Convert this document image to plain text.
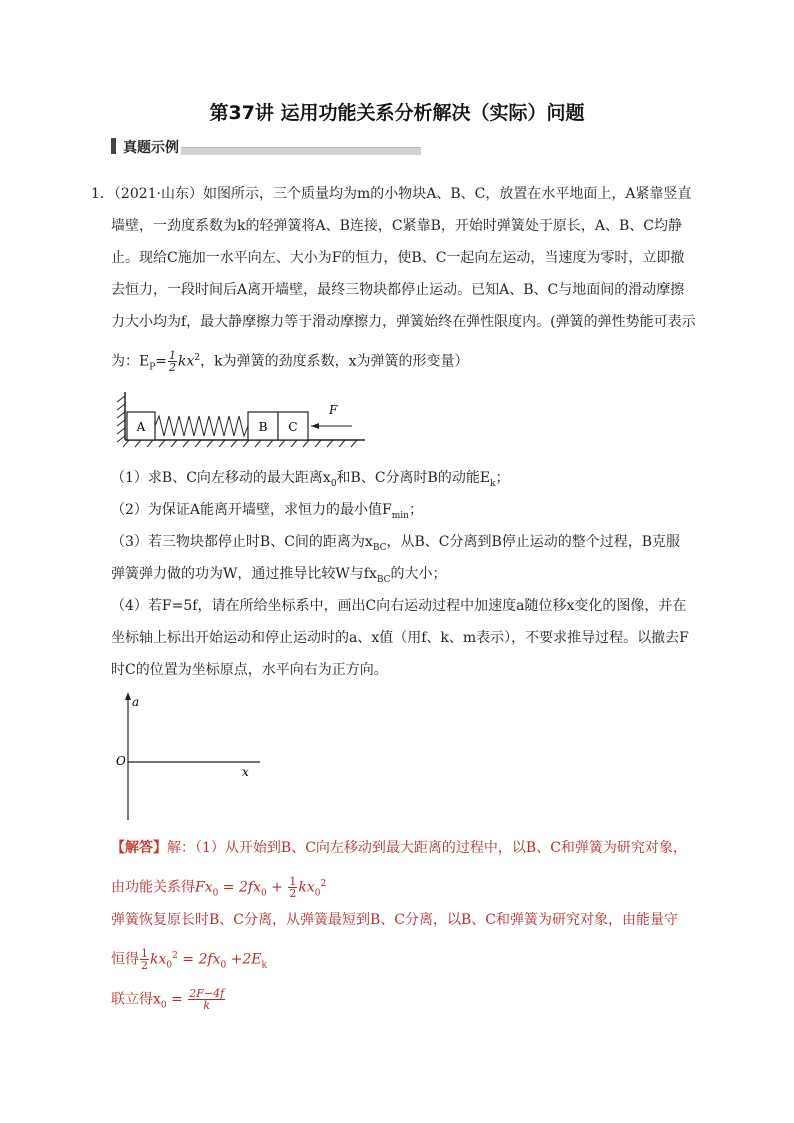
第37讲 运用功能关系分析解决（实际）问题
真题示例
1．（2021·山东）如图所示，三个质量均为m的小物块A、B、C，放置在水平地面上，A紧靠竖直
墙壁，一劲度系数为k的轻弹簧将A、B连接，C紧靠B，开始时弹簧处于原长，A、B、C均静
止。现给C施加一水平向左、大小为F的恒力，使B、C一起向左运动，当速度为零时，立即撤
去恒力，一段时间后A离开墙壁，最终三物块都停止运动。已知A、B、C与地面间的滑动摩擦
力大小均为f，最大静摩擦力等于滑动摩擦力，弹簧始终在弹性限度内。(弹簧的弹性势能可表示
为：$E_P= \frac{1}{2} kx^2$，k为弹簧的劲度系数，x为弹簧的形变量）
A	B C
F
（1）求B、C向左移动的最大距离$x_0$和B、C分离时B的动能$E_k$；
（2）为保证A能离开墙壁，求恒力的最小值$F_{min}$；
（3）若三物块都停止时B、C间的距离为$x_{BC}$，从B、C分离到B停止运动的整个过程，B克服
弹簧弹力做的功为W，通过推导比较W与$fx_{BC}$的大小；
（4）若F=5f，请在所给坐标系中，画出C向右运动过程中加速度a随位移x变化的图像，并在
坐标轴上标出开始运动和停止运动时的a、x值（用f、k、m表示），不要求推导过程。以撤去F
时C的位置为坐标原点，水平向右为正方向。
a
x
O
【解答】解：（1）从开始到B、C向左移动到最大距离的过程中，以B、C和弹簧为研究对象，
由功能关系得$Fx_0 = 2fx_0 + \frac{1}{2} kx_0^2$
弹簧恢复原长时B、C分离，从弹簧最短到B、C分离，以B、C和弹簧为研究对象，由能量守
恒得 $\frac{1}{2} kx_0^2 = 2fx_0 +2E_k$
联立得$x_0 = \frac{2F-4f}{k}$
